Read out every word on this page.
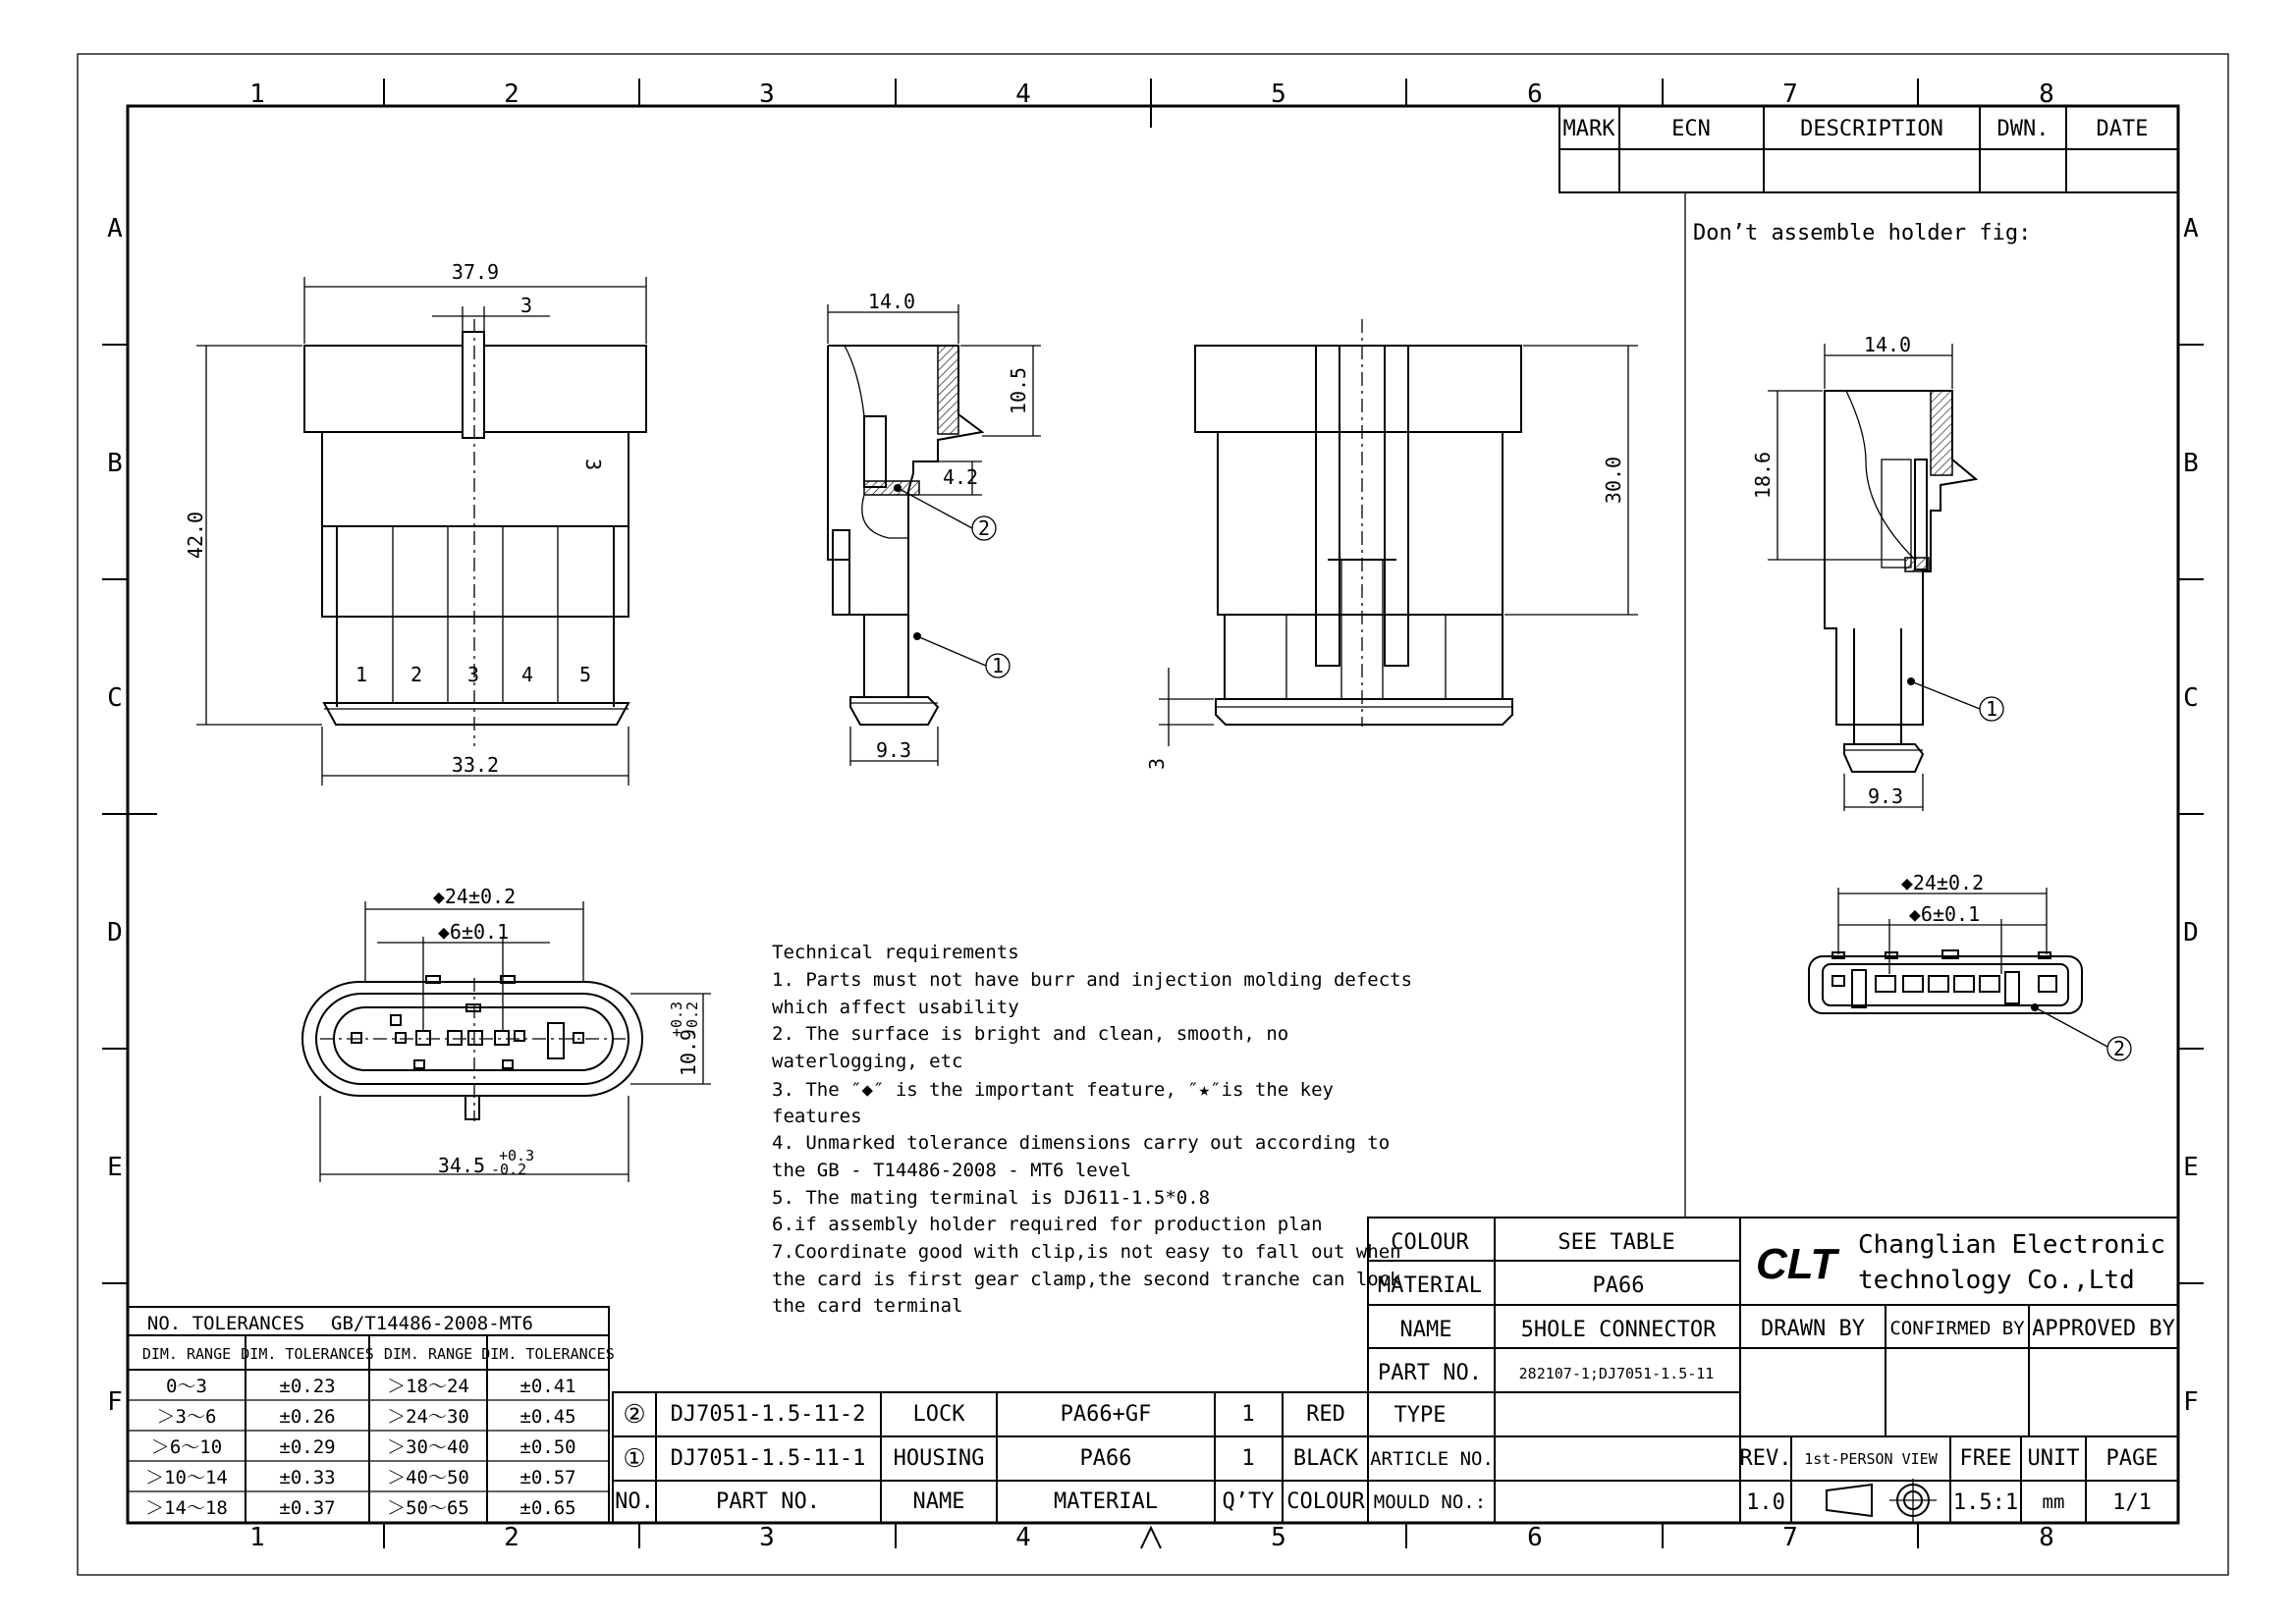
1	2	3	4	5	6	7	8
1	2	3	4	5	6	7	8
A
B
C
D
E
F
A
B
C
D
E
F
MARK	ECN	DESCRIPTION DWN. DATE
Don’t assemble holder fig:
1 2 3 4 5
3
37.9
3
42.0
33.2
14.0
10.5
4.2
9.3
1
2
30.0
3
14.0
18.6
9.3
1
◆24±0.2
◆6±0.1
10.9
+0.3
-0.2
34.5 +0.3
-0.2
◆24±0.2
◆6±0.1
2
Technical requirements
1. Parts must not have burr and injection molding defects
which affect usability
2. The surface is bright and clean, smooth, no
waterlogging, etc
3. The ″◆″ is the important feature, ″★″is the key
features
4. Unmarked tolerance dimensions carry out according to
the GB - T14486-2008 - MT6 level
5. The mating terminal is DJ611-1.5*0.8
6.if assembly holder required for production plan
7.Coordinate good with clip,is not easy to fall out when
the card is first gear clamp,the second tranche can lock
the card terminal
NO. TOLERANCES GB/T14486-2008-MT6
DIM. RANGE DIM. TOLERANCES DIM. RANGE DIM. TOLERANCES
0～3	±0.23	＞18～24	±0.41
＞3～6	±0.26	＞24～30	±0.45
＞6～10	±0.29	＞30～40	±0.50
＞10～14	±0.33	＞40～50	±0.57
＞14～18	±0.37	＞50～65	±0.65
② DJ7051-1.5-11-2 LOCK	PA66+GF	1 RED
① DJ7051-1.5-11-1 HOUSING	PA66	1 BLACK
NO.	PART NO.	NAME	MATERIAL	Q’TY COLOUR
COLOUR	SEE TABLE
MATERIAL	PA66
NAME	5HOLE CONNECTOR
PART NO.	282107-1;DJ7051-1.5-11
TYPE
ARTICLE NO.
MOULD NO.:
CLT Changlian Electronic
technology Co.,Ltd
DRAWN BY CONFIRMED BY APPROVED BY
REV. 1st-PERSON VIEW FREE UNIT PAGE
1.0	1.5:1 mm 1/1
